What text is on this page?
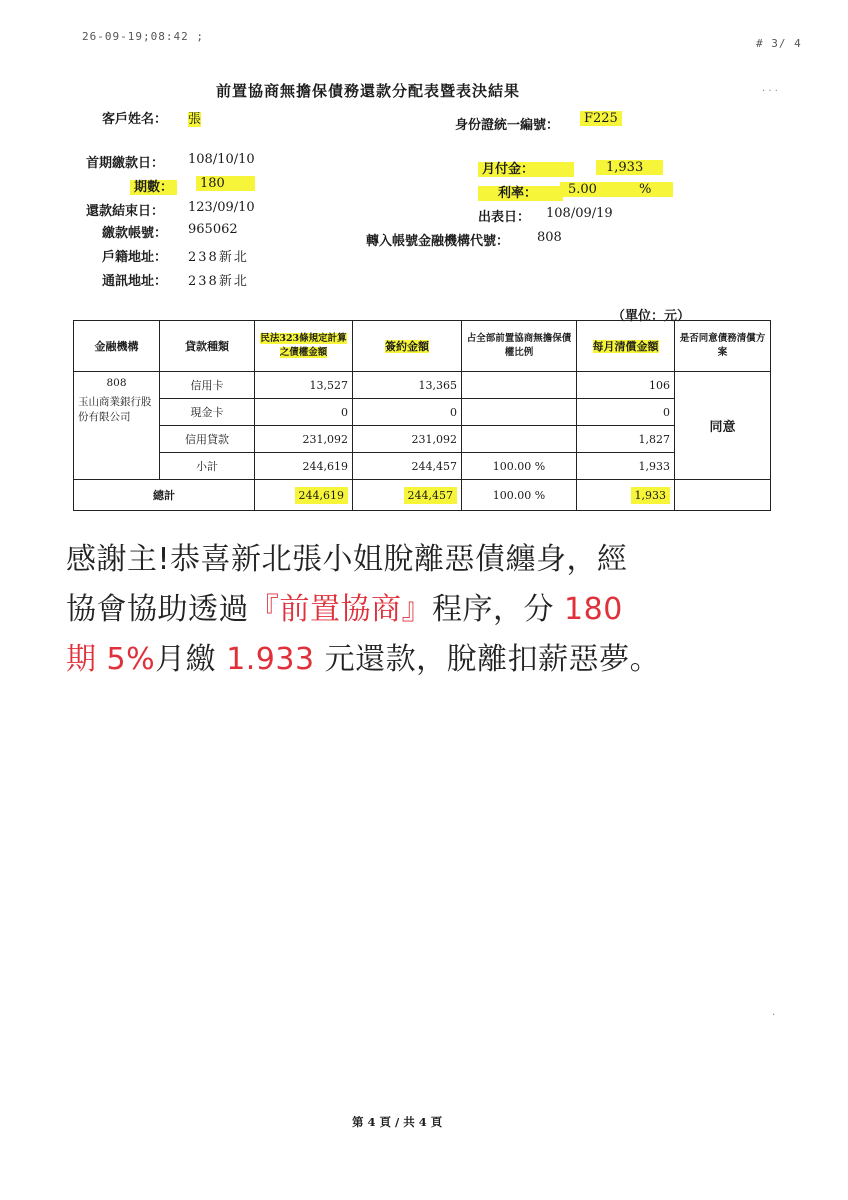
26-09-19;08:42 ;
# 3/ 4
· · ·
前置協商無擔保債務還款分配表暨表決結果
客戶姓名： 張	身份證統一編號：	F225
首期繳款日： 108/10/10
期數：	180
還款結束日： 123/09/10
繳款帳號： 965062
戶籍地址： 238新北
通訊地址： 238新北
月付金：	1,933
利率：	5.00	%
出表日： 108/09/19
轉入帳號金融機構代號： 808
（單位：元）
金融機構	貸款種類	民法323條規定計算之債權金額	簽約金額	占全部前置協商無擔保債權比例	每月清償金額	是否同意債務清償方案

808
玉山商業銀行股份有限公司	信用卡	13,527	13,365		106	同意
	現金卡	0	0		0	
	信用貸款	231,092	231,092		1,827	
	小計	244,619	244,457	100.00 %	1,933	
總計		244,619	244,457	100.00 %	1,933	
感謝主!恭喜新北張小姐脫離惡債纏身，經
協會協助透過『前置協商』程序，分 180
期 5%月繳 1.933 元還款，脫離扣薪惡夢。
第 4 頁 / 共 4 頁
·
